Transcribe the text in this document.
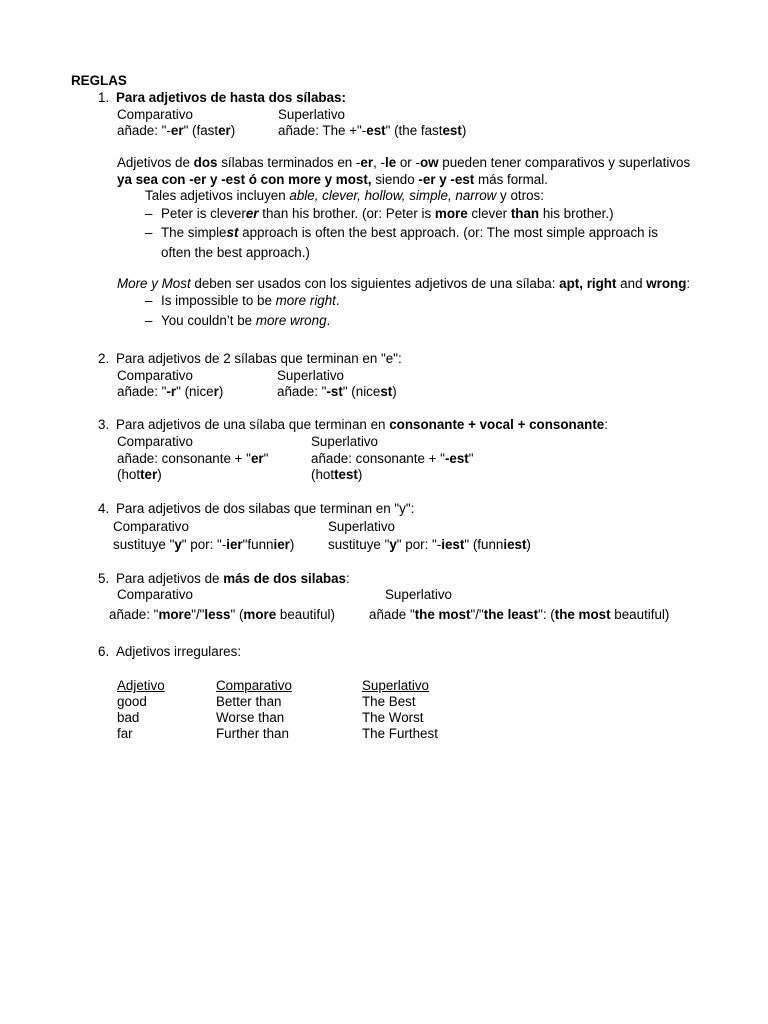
REGLAS
1. Para adjetivos de hasta dos sílabas:
Comparativo	Superlativo
añade: "-er" (faster)	añade: The +"-est" (the fastest)
Adjetivos de dos sílabas terminados en -er, -le or -ow pueden tener comparativos y superlativos
ya sea con -er y -est ó con more y most, siendo -er y -est más formal.
Tales adjetivos incluyen able, clever, hollow, simple, narrow y otros:
– Peter is cleverer than his brother. (or: Peter is more clever than his brother.)
– The simplest approach is often the best approach. (or: The most simple approach is
often the best approach.)
More y Most deben ser usados con los siguientes adjetivos de una sílaba: apt, right and wrong:
– Is impossible to be more right.
– You couldn’t be more wrong.
2. Para adjetivos de 2 sílabas que terminan en "e":
Comparativo	Superlativo
añade: "-r" (nicer)	añade: "-st" (nicest)
3. Para adjetivos de una sílaba que terminan en consonante + vocal + consonante:
Comparativo	Superlativo
añade: consonante + "er"	añade: consonante + "-est"
(hotter)	(hottest)
4. Para adjetivos de dos silabas que terminan en "y":
Comparativo	Superlativo
sustituye "y" por: "-ier"funnier)	sustituye "y" por: "-iest" (funniest)
5. Para adjetivos de más de dos silabas:
Comparativo	Superlativo
añade: "more"/"less" (more beautiful)	añade "the most"/"the least": (the most beautiful)
6. Adjetivos irregulares:
Adjetivo	Comparativo	Superlativo
good	Better than	The Best
bad	Worse than	The Worst
far	Further than	The Furthest
